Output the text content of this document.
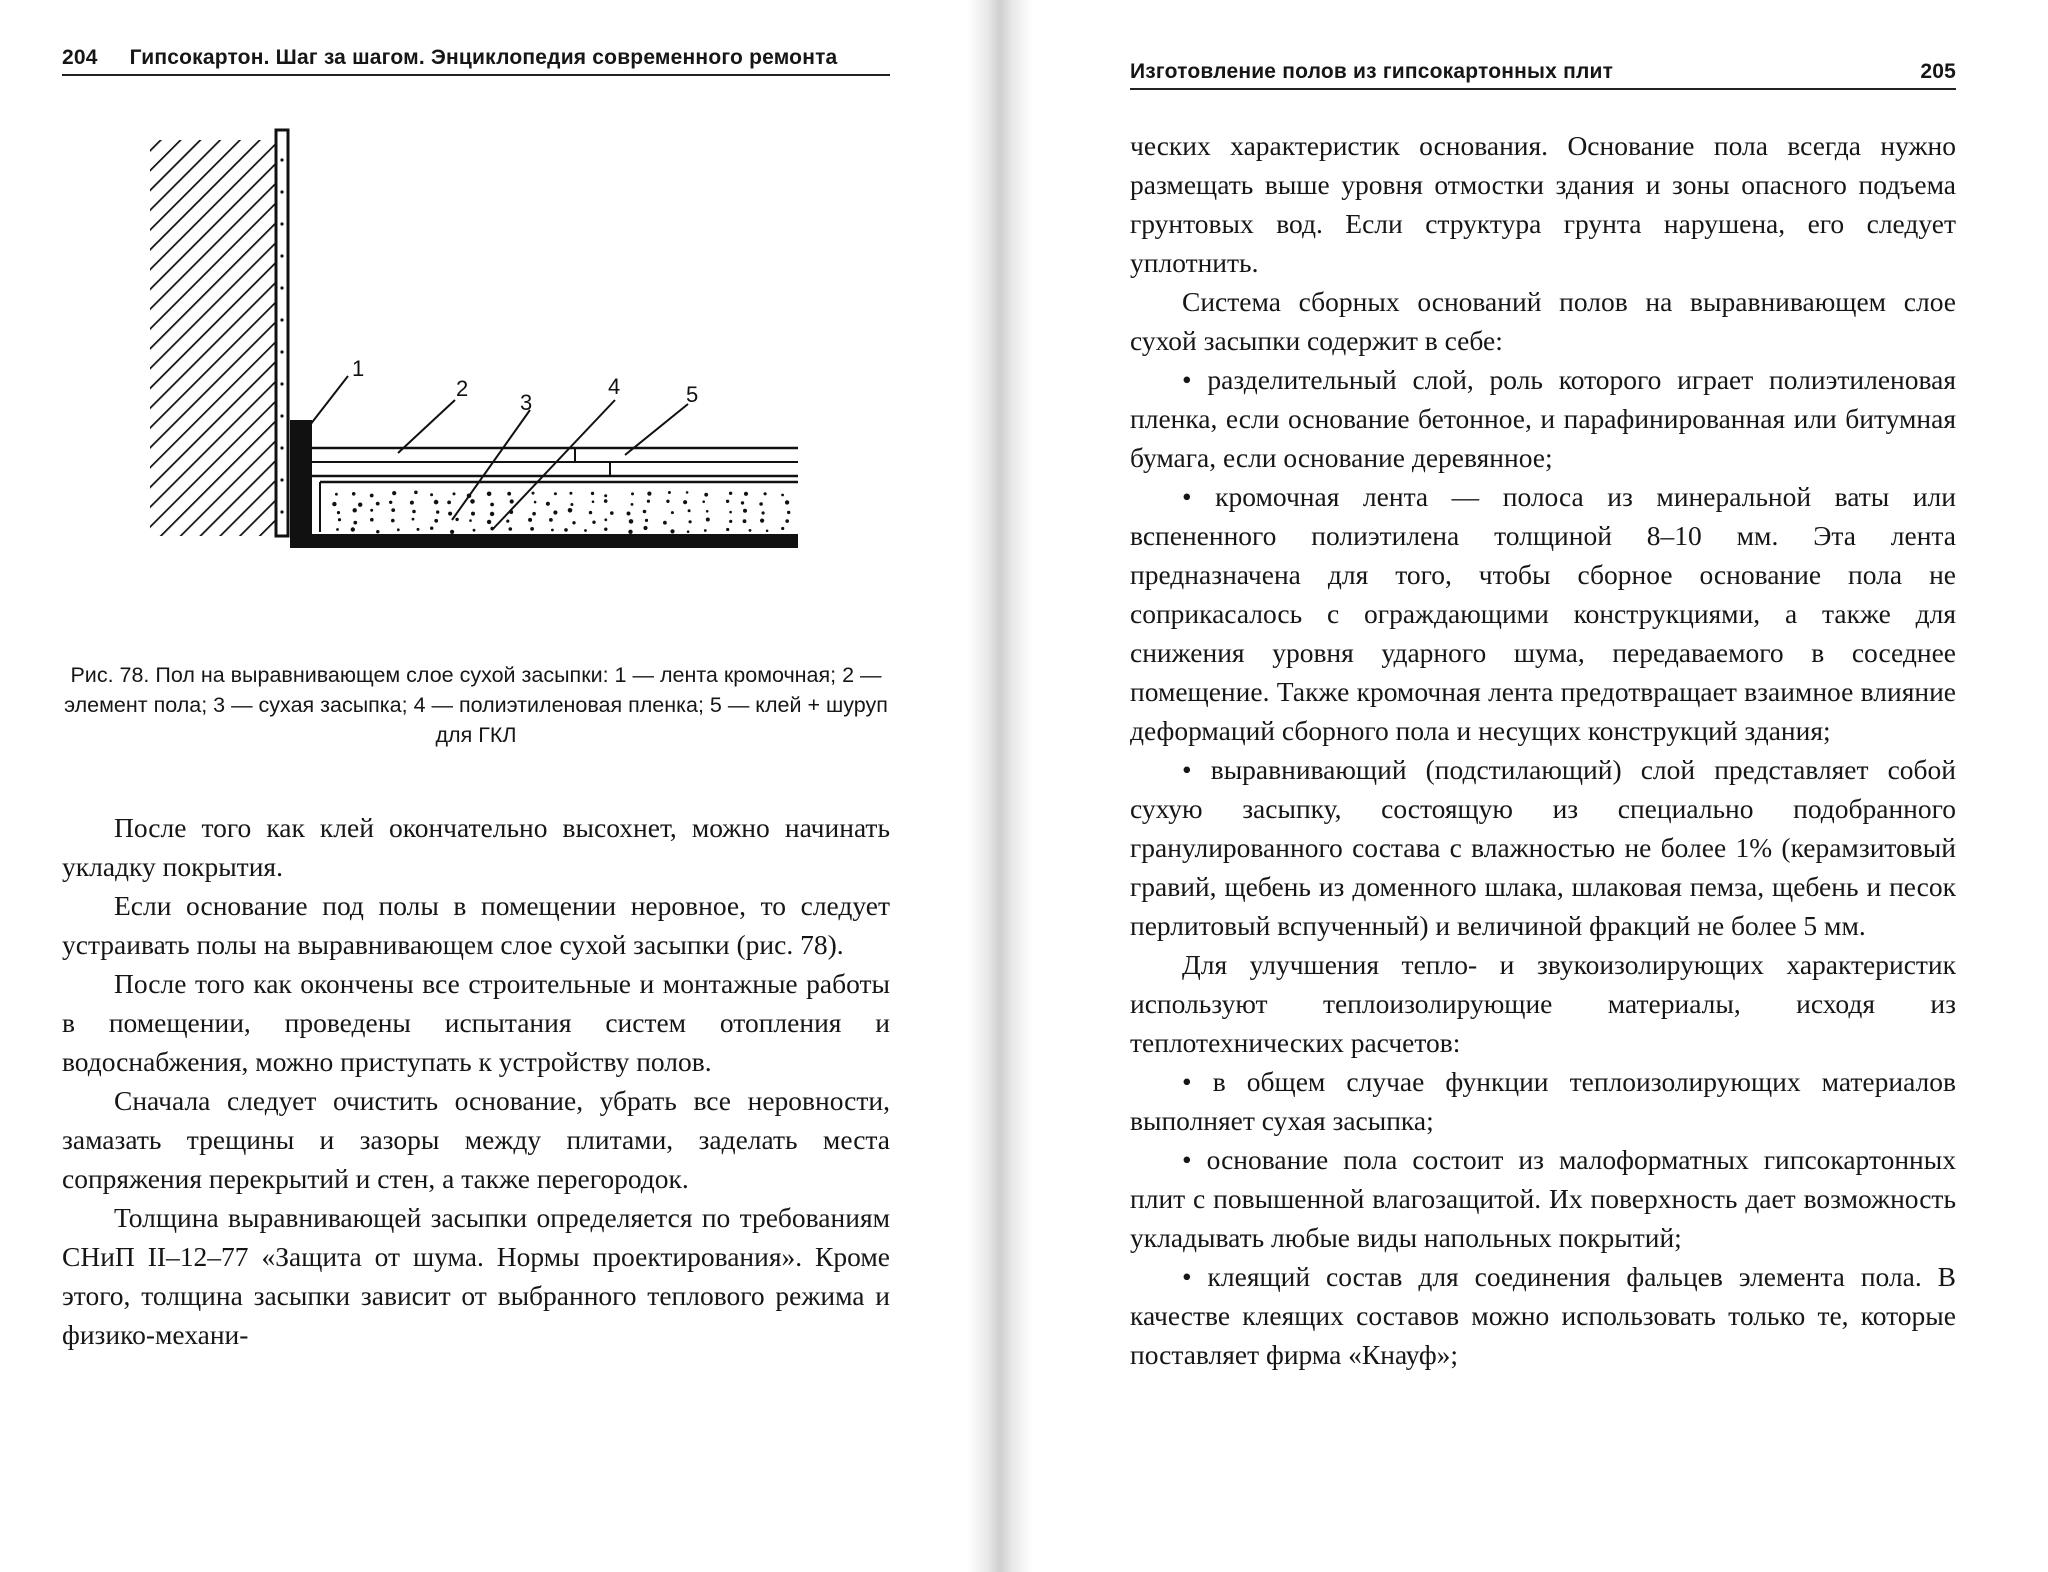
204 Гипсокартон. Шаг за шагом. Энциклопедия современного ремонта
1
2
3
4	5
Рис. 78. Пол на выравнивающем слое сухой засыпки: 1 — лента кромочная; 2 — элемент пола; 3 — сухая засыпка; 4 — полиэтиленовая пленка; 5 — клей + шуруп для ГКЛ

После того как клей окончательно высохнет, можно начинать укладку покрытия.

Если основание под полы в помещении неровное, то следует устраивать полы на выравнивающем слое сухой засыпки (рис. 78).

После того как окончены все строительные и монтажные работы в помещении, проведены испытания систем отопления и водоснабжения, можно приступать к устройству полов.

Сначала следует очистить основание, убрать все неровности, замазать трещины и зазоры между плитами, заделать места сопряжения перекрытий и стен, а также перегородок.

Толщина выравнивающей засыпки определяется по требованиям СНиП II–12–77 «Защита от шума. Нормы проектирования». Кроме этого, толщина засыпки зависит от выбранного теплового режима и физико-механи-

Изготовление полов из гипсокартонных плит	205

ческих характеристик основания. Основание пола всегда нужно размещать выше уровня отмостки здания и зоны опасного подъема грунтовых вод. Если структура грунта нарушена, его следует уплотнить.

Система сборных оснований полов на выравнивающем слое сухой засыпки содержит в себе:

• разделительный слой, роль которого играет полиэтиленовая пленка, если основание бетонное, и парафинированная или битумная бумага, если основание деревянное;

• кромочная лента — полоса из минеральной ваты или вспененного полиэтилена толщиной 8–10 мм. Эта лента предназначена для того, чтобы сборное основание пола не соприкасалось с ограждающими конструкциями, а также для снижения уровня ударного шума, передаваемого в соседнее помещение. Также кромочная лента предотвращает взаимное влияние деформаций сборного пола и несущих конструкций здания;

• выравнивающий (подстилающий) слой представляет собой сухую засыпку, состоящую из специально подобранного гранулированного состава с влажностью не более 1% (керамзитовый гравий, щебень из доменного шлака, шлаковая пемза, щебень и песок перлитовый вспученный) и величиной фракций не более 5 мм.

Для улучшения тепло- и звукоизолирующих характеристик используют теплоизолирующие материалы, исходя из теплотехнических расчетов:

• в общем случае функции теплоизолирующих материалов выполняет сухая засыпка;

• основание пола состоит из малоформатных гипсокартонных плит с повышенной влагозащитой. Их поверхность дает возможность укладывать любые виды напольных покрытий;

• клеящий состав для соединения фальцев элемента пола. В качестве клеящих составов можно использовать только те, которые поставляет фирма «Кнауф»;
